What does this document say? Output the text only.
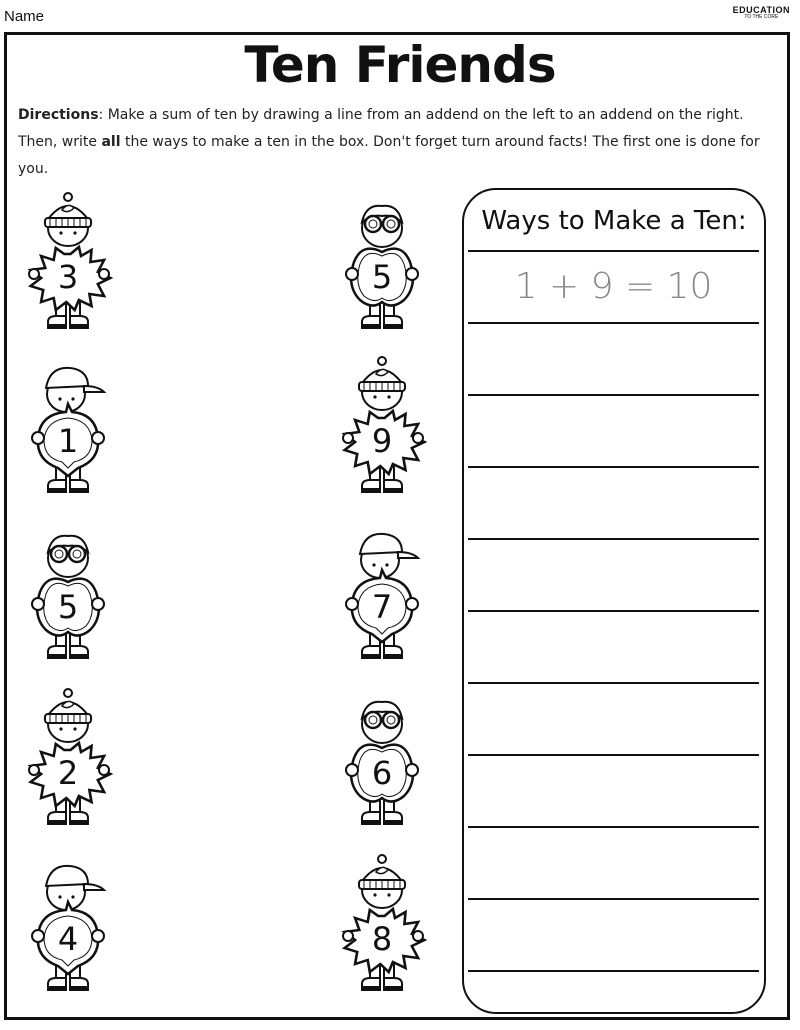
Name	EDUCATION
TO THE CORE
Ten Friends
Directions: Make a sum of ten by drawing a line from an addend on the left to an addend on the right. Then, write all the ways to make a ten in the box. Don't forget turn around facts! The first one is done for you.
3
1
5
2
4
5
9
7
6
8
Ways to Make a Ten:
1 + 9 = 10
